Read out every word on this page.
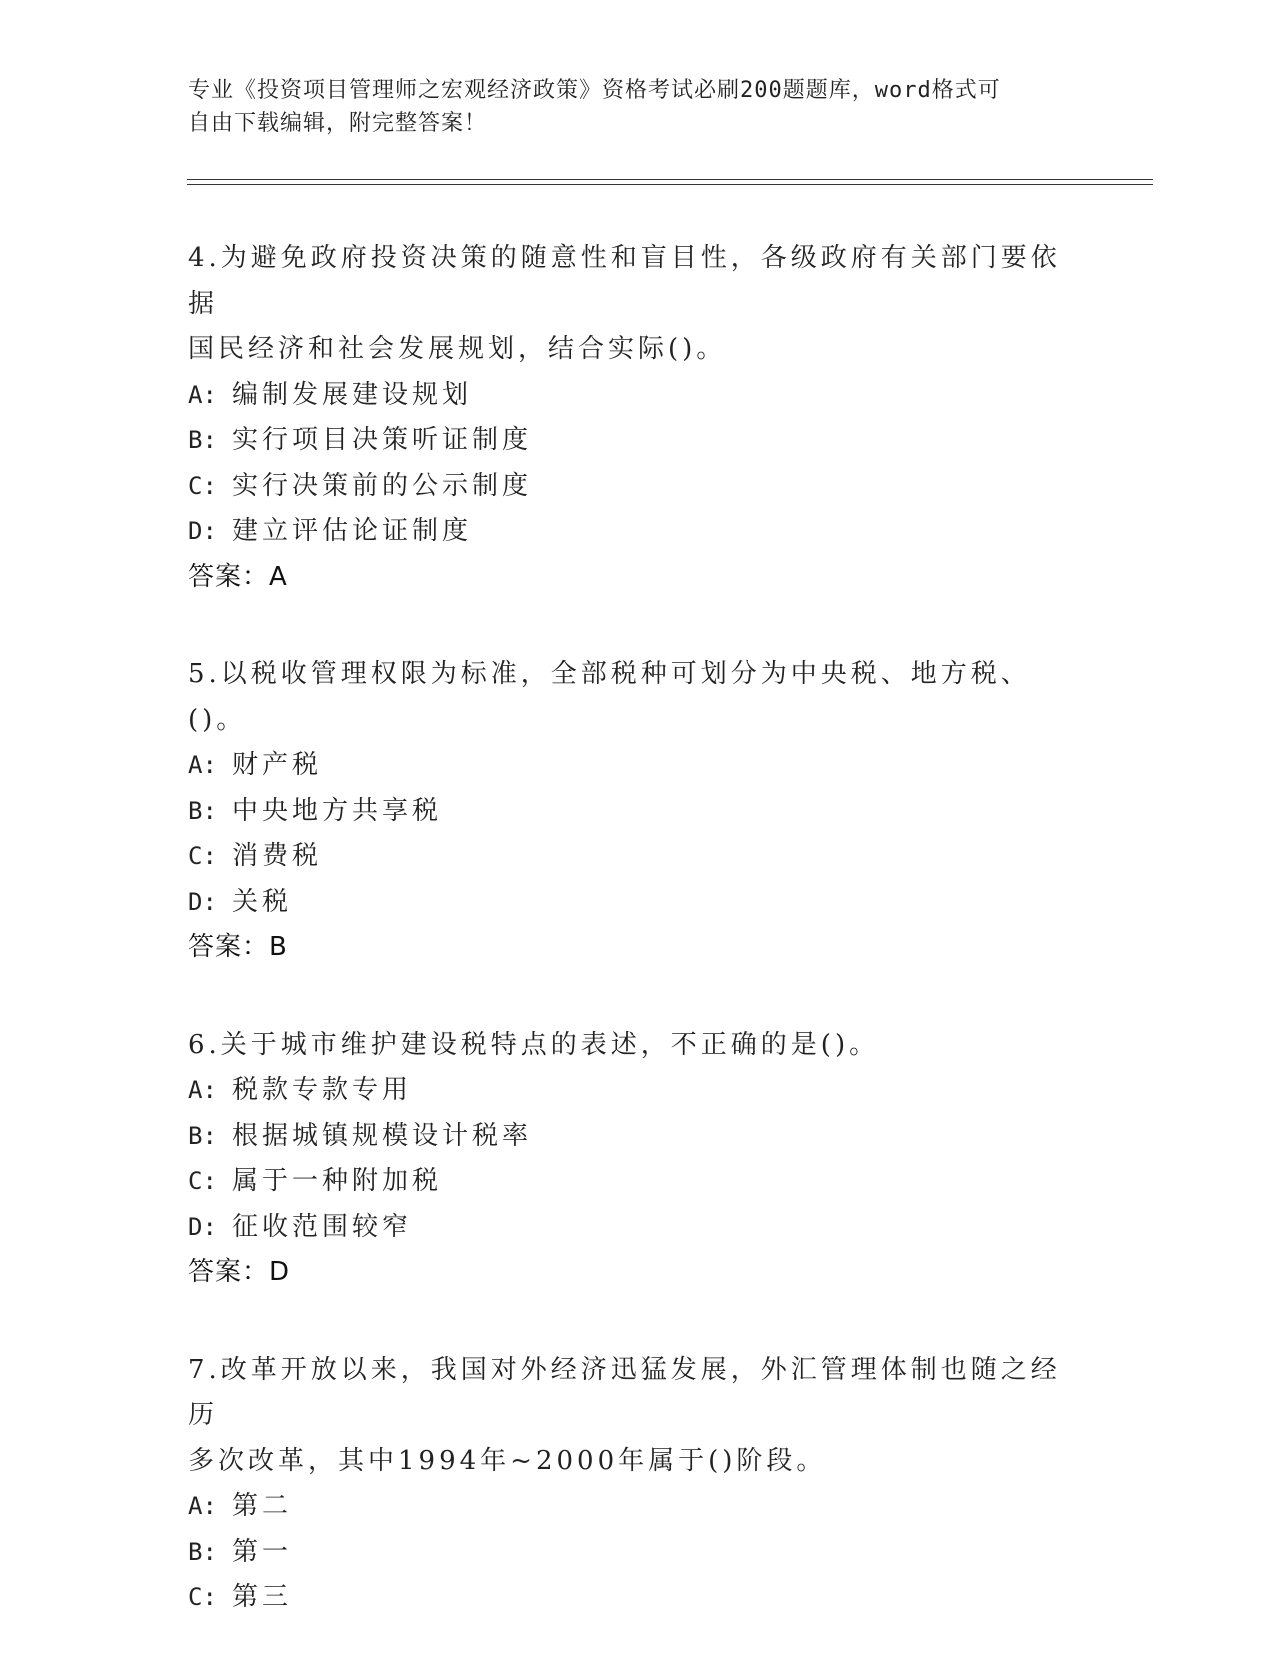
专业《投资项目管理师之宏观经济政策》资格考试必刷200题题库，word格式可
自由下载编辑，附完整答案！
4.为避免政府投资决策的随意性和盲目性，各级政府有关部门要依据
国民经济和社会发展规划，结合实际()。
A: 编制发展建设规划
B: 实行项目决策听证制度
C: 实行决策前的公示制度
D: 建立评估论证制度
答案：A
5.以税收管理权限为标准，全部税种可划分为中央税、地方税、()。
A: 财产税
B: 中央地方共享税
C: 消费税
D: 关税
答案：B
6.关于城市维护建设税特点的表述，不正确的是()。
A: 税款专款专用
B: 根据城镇规模设计税率
C: 属于一种附加税
D: 征收范围较窄
答案：D
7.改革开放以来，我国对外经济迅猛发展，外汇管理体制也随之经历
多次改革，其中1994年~2000年属于()阶段。
A: 第二
B: 第一
C: 第三
